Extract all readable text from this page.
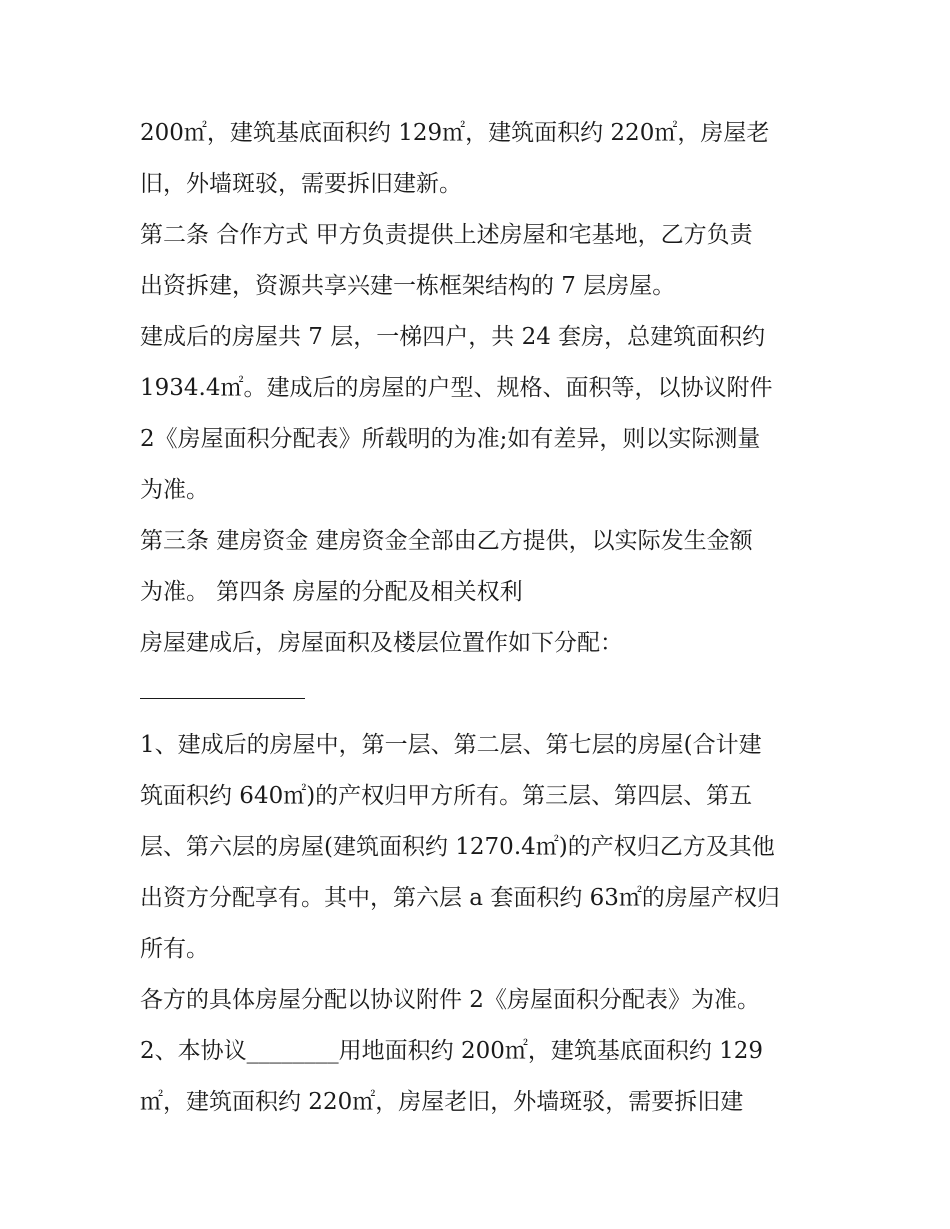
200㎡，建筑基底面积约 129㎡，建筑面积约 220㎡，房屋老
旧，外墙斑驳，需要拆旧建新。
第二条 合作方式 甲方负责提供上述房屋和宅基地，乙方负责
出资拆建，资源共享兴建一栋框架结构的 7 层房屋。
建成后的房屋共 7 层，一梯四户，共 24 套房，总建筑面积约
1934.4㎡。建成后的房屋的户型、规格、面积等，以协议附件
2《房屋面积分配表》所载明的为准;如有差异，则以实际测量
为准。
第三条 建房资金 建房资金全部由乙方提供，以实际发生金额
为准。 第四条 房屋的分配及相关权利
房屋建成后，房屋面积及楼层位置作如下分配：
1、建成后的房屋中，第一层、第二层、第七层的房屋(合计建
筑面积约 640㎡)的产权归甲方所有。第三层、第四层、第五
层、第六层的房屋(建筑面积约 1270.4㎡)的产权归乙方及其他
出资方分配享有。其中，第六层 a 套面积约 63㎡的房屋产权归
所有。
各方的具体房屋分配以协议附件 2《房屋面积分配表》为准。
2、本协议________用地面积约 200㎡，建筑基底面积约 129
㎡，建筑面积约 220㎡，房屋老旧，外墙斑驳，需要拆旧建
